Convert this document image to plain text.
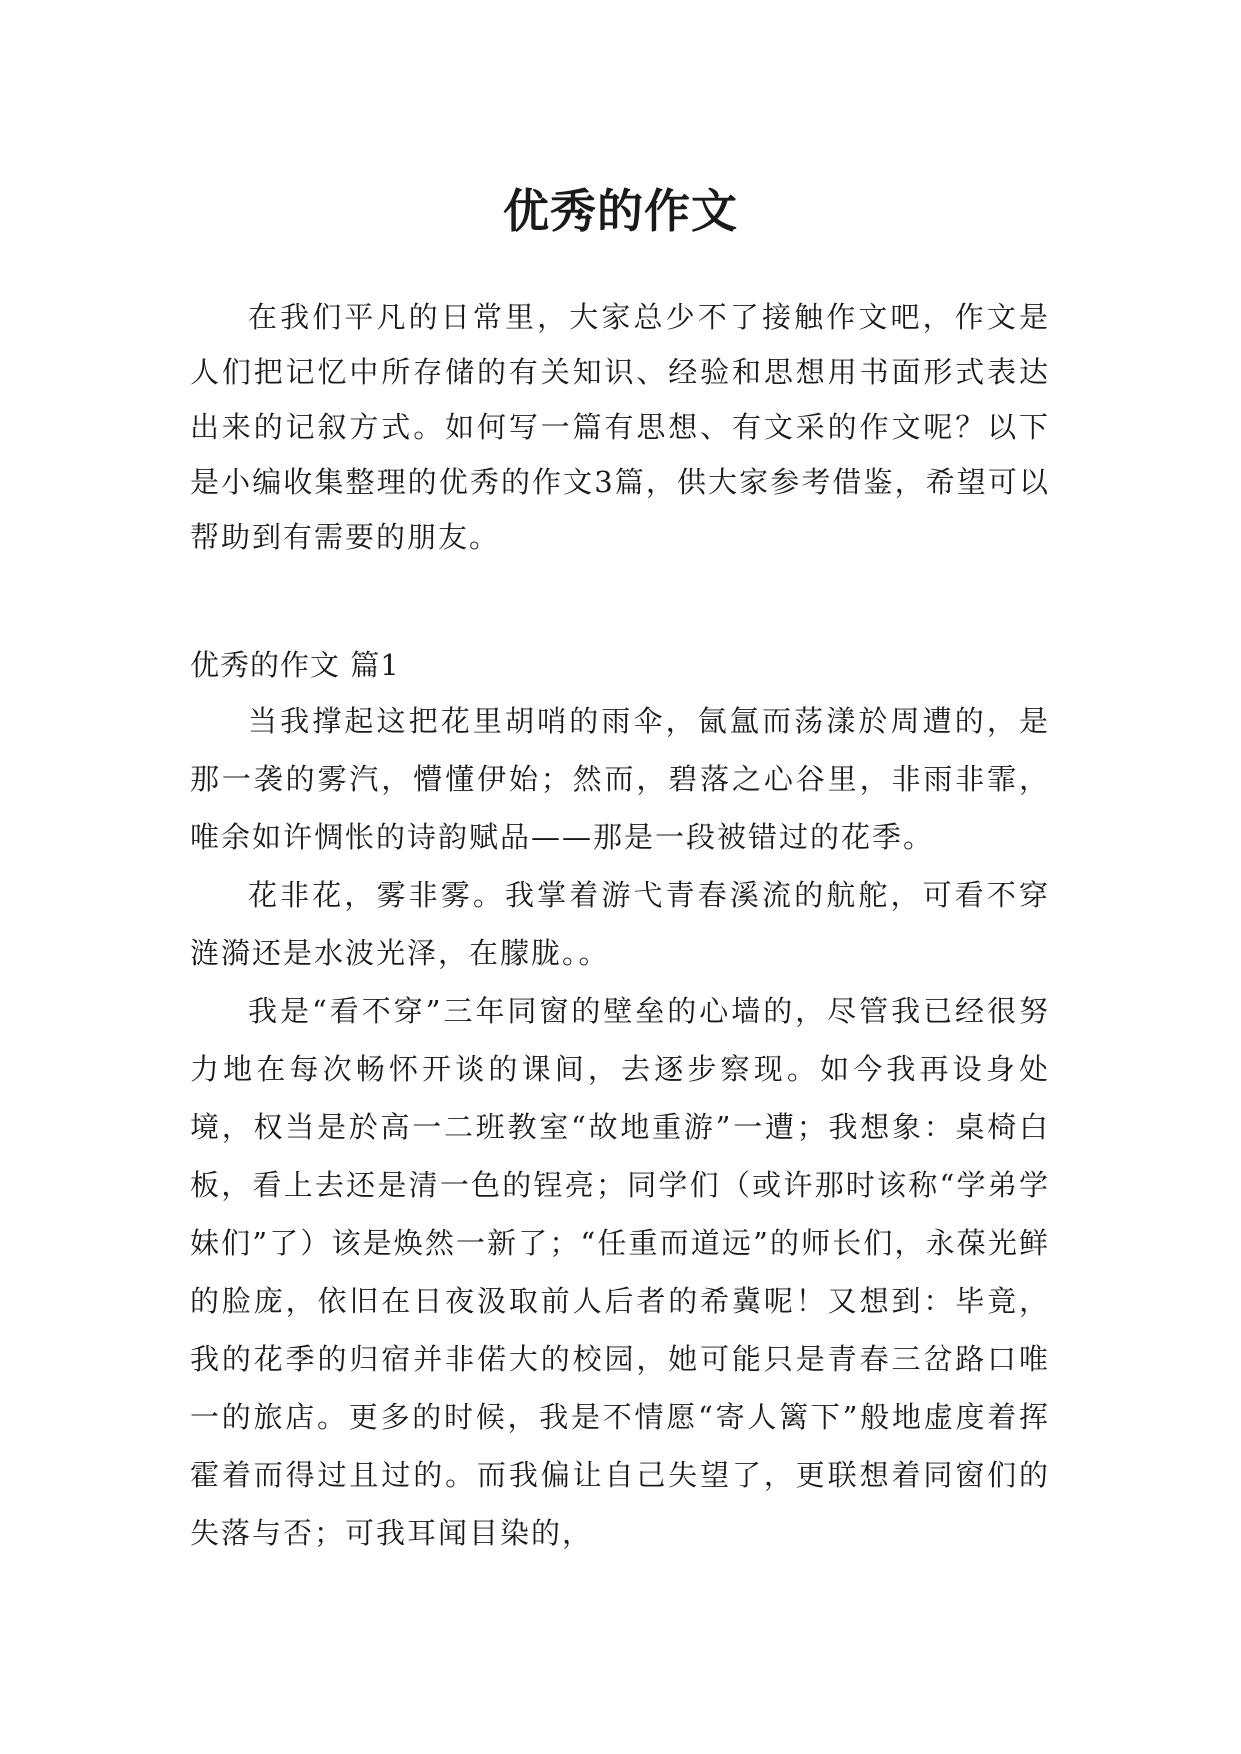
优秀的作文

在我们平凡的日常里，大家总少不了接触作文吧，作文是人们把记忆中所存储的有关知识、经验和思想用书面形式表达出来的记叙方式。如何写一篇有思想、有文采的作文呢？以下是小编收集整理的优秀的作文3篇，供大家参考借鉴，希望可以帮助到有需要的朋友。

优秀的作文 篇1

当我撑起这把花里胡哨的雨伞，氤氲而荡漾於周遭的，是那一袭的雾汽，懵懂伊始；然而，碧落之心谷里，非雨非霏，唯余如许惆怅的诗韵赋品——那是一段被错过的花季。

花非花，雾非雾。我掌着游弋青春溪流的航舵，可看不穿涟漪还是水波光泽，在朦胧。。

我是“看不穿”三年同窗的壁垒的心墙的，尽管我已经很努力地在每次畅怀开谈的课间，去逐步察现。如今我再设身处境，权当是於高一二班教室“故地重游”一遭；我想象：桌椅白板，看上去还是清一色的锃亮；同学们（或许那时该称“学弟学妹们”了）该是焕然一新了；“任重而道远”的师长们，永葆光鲜的脸庞，依旧在日夜汲取前人后者的希冀呢！又想到：毕竟，我的花季的归宿并非偌大的校园，她可能只是青春三岔路口唯一的旅店。更多的时候，我是不情愿“寄人篱下”般地虚度着挥霍着而得过且过的。而我偏让自己失望了，更联想着同窗们的失落与否；可我耳闻目染的，
